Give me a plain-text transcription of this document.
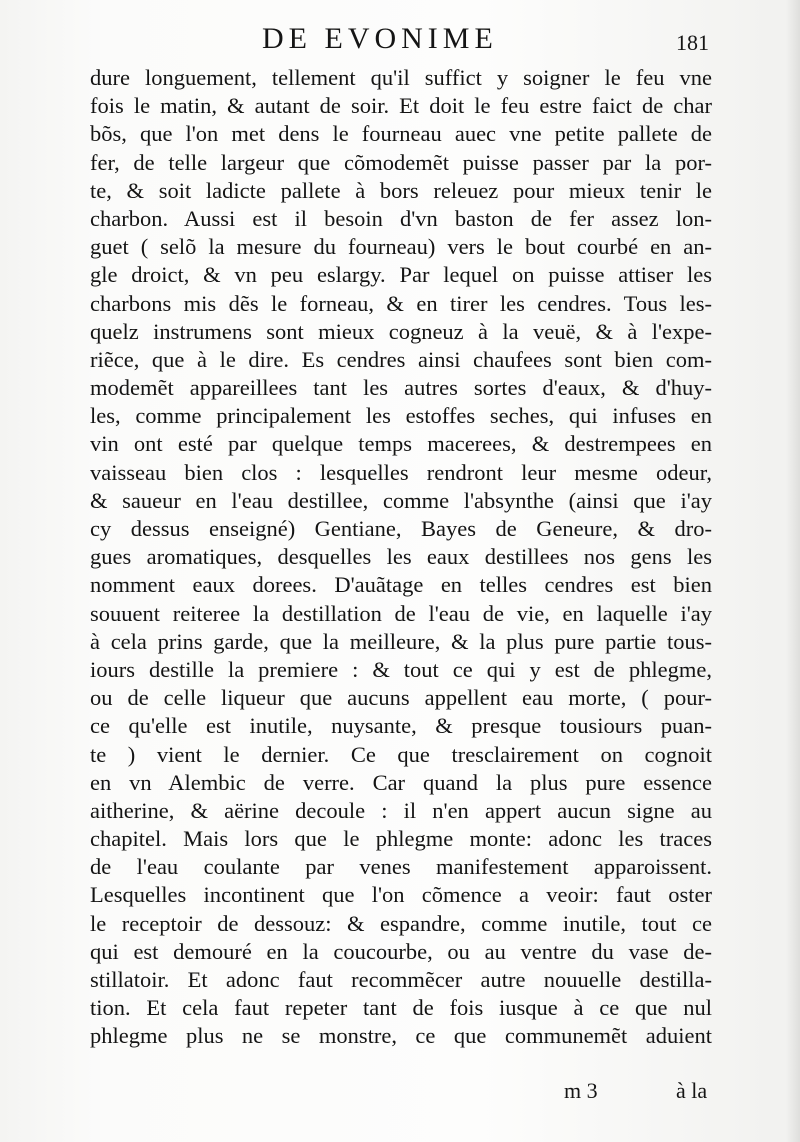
DE EVONIME	181
dure longuement, tellement qu'il suffict y soigner le feu vne
fois le matin, & autant de soir. Et doit le feu estre faict de char
bõs, que l'on met dens le fourneau auec vne petite pallete de
fer, de telle largeur que cõmodemẽt puisse passer par la por-
te, & soit ladicte pallete à bors releuez pour mieux tenir le
charbon. Aussi est il besoin d'vn baston de fer assez lon-
guet ( selõ la mesure du fourneau) vers le bout courbé en an-
gle droict, & vn peu eslargy. Par lequel on puisse attiser les
charbons mis dẽs le forneau, & en tirer les cendres. Tous les-
quelz instrumens sont mieux cogneuz à la veuë, & à l'expe-
riẽce, que à le dire. Es cendres ainsi chaufees sont bien com-
modemẽt appareillees tant les autres sortes d'eaux, & d'huy-
les, comme principalement les estoffes seches, qui infuses en
vin ont esté par quelque temps macerees, & destrempees en
vaisseau bien clos : lesquelles rendront leur mesme odeur,
& saueur en l'eau destillee, comme l'absynthe (ainsi que i'ay
cy dessus enseigné) Gentiane, Bayes de Geneure, & dro-
gues aromatiques, desquelles les eaux destillees nos gens les
nomment eaux dorees. D'auãtage en telles cendres est bien
souuent reiteree la destillation de l'eau de vie, en laquelle i'ay
à cela prins garde, que la meilleure, & la plus pure partie tous-
iours destille la premiere : & tout ce qui y est de phlegme,
ou de celle liqueur que aucuns appellent eau morte, ( pour-
ce qu'elle est inutile, nuysante, & presque tousiours puan-
te ) vient le dernier. Ce que tresclairement on cognoit
en vn Alembic de verre. Car quand la plus pure essence
aitherine, & aërine decoule : il n'en appert aucun signe au
chapitel. Mais lors que le phlegme monte: adonc les traces
de l'eau coulante par venes manifestement apparoissent.
Lesquelles incontinent que l'on cõmence a veoir: faut oster
le receptoir de dessouz: & espandre, comme inutile, tout ce
qui est demouré en la coucourbe, ou au ventre du vase de-
stillatoir. Et adonc faut recommẽcer autre nouuelle destilla-
tion. Et cela faut repeter tant de fois iusque à ce que nul
phlegme plus ne se monstre, ce que communemẽt aduient
m 3	à la
